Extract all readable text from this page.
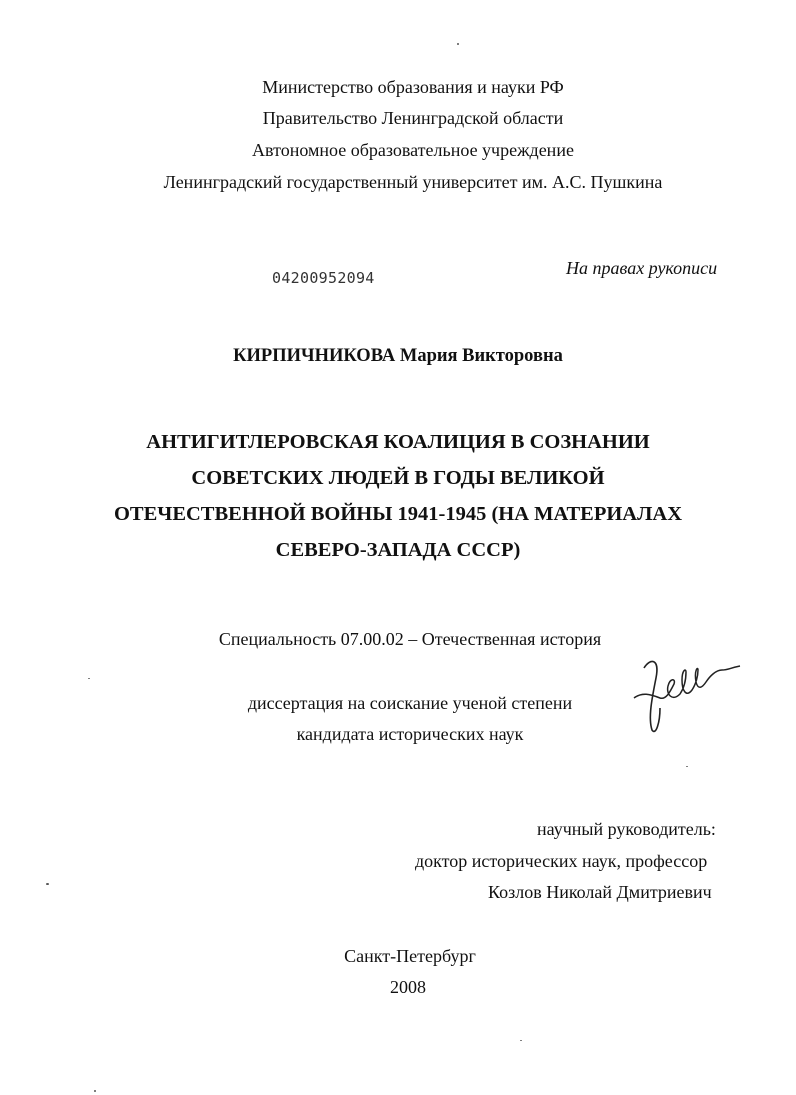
Министерство образования и науки РФ
Правительство Ленинградской области
Автономное образовательное учреждение
Ленинградский государственный университет им. А.С. Пушкина
04200952094	На правах рукописи
КИРПИЧНИКОВА Мария Викторовна
АНТИГИТЛЕРОВСКАЯ КОАЛИЦИЯ В СОЗНАНИИ
СОВЕТСКИХ ЛЮДЕЙ В ГОДЫ ВЕЛИКОЙ
ОТЕЧЕСТВЕННОЙ ВОЙНЫ 1941-1945 (НА МАТЕРИАЛАХ
СЕВЕРО-ЗАПАДА СССР)
Специальность 07.00.02 – Отечественная история
диссертация на соискание ученой степени
кандидата исторических наук
научный руководитель:
доктор исторических наук, профессор
Козлов Николай Дмитриевич
Санкт-Петербург
2008
